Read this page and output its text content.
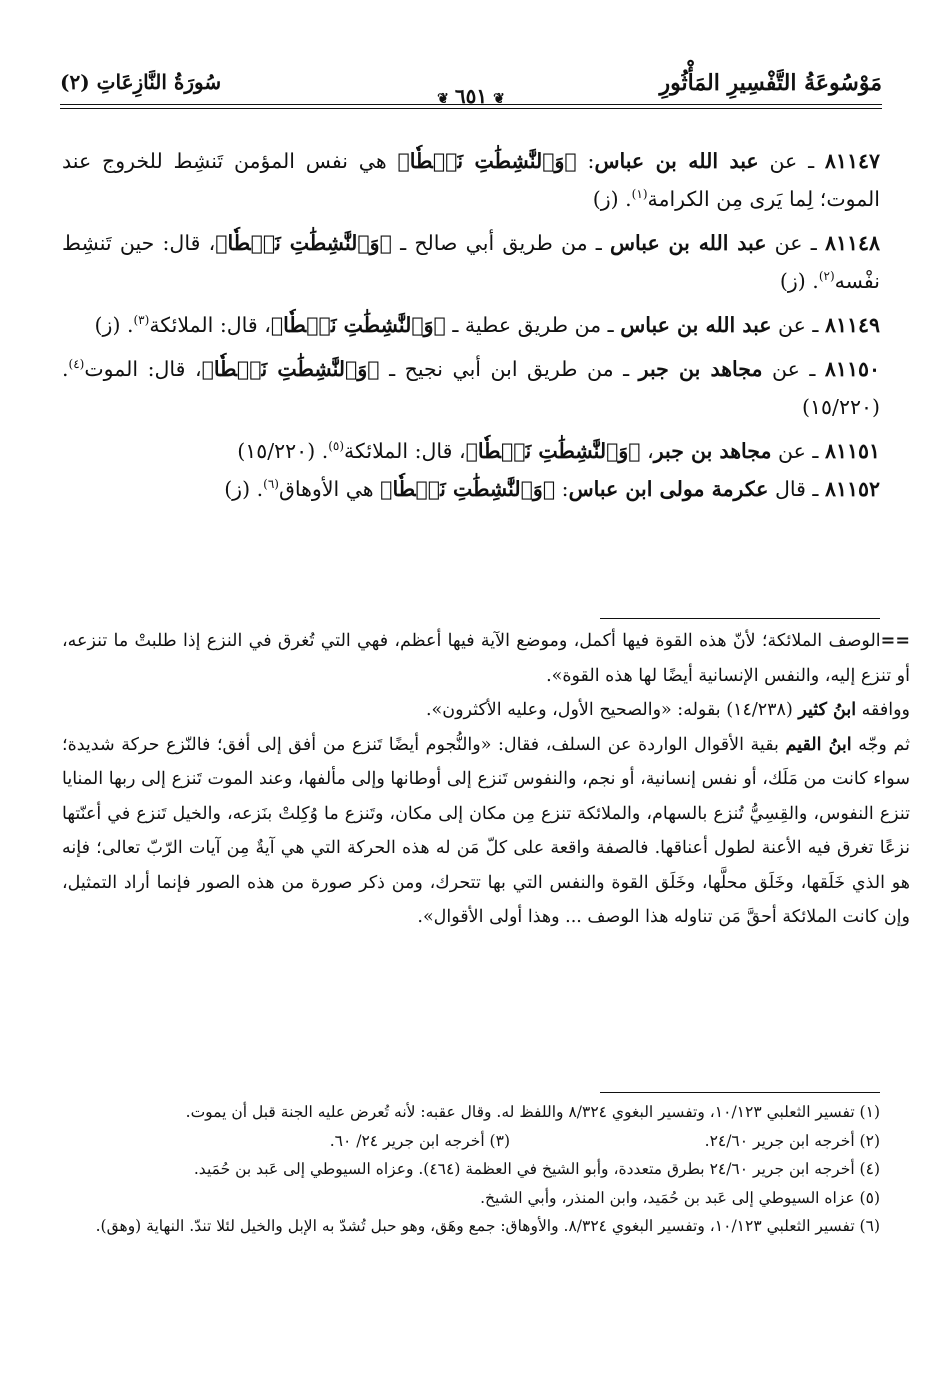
مَوْسُوعَةُ التَّفْسِيرِ المَأْثُورِ
❦٦٥١❦
سُورَةُ النَّازِعَاتِ (٢)

٨١١٤٧ ـ عن عبد الله بن عباس: ﴿وَٱلنَّٰشِطَٰتِ نَشۡطٗا﴾ هي نفس المؤمن تَنشِط للخروج عند الموت؛ لِما يَرى مِن الكرامة$^{(١)}$. (ز)

٨١١٤٨ ـ عن عبد الله بن عباس ـ من طريق أبي صالح ـ ﴿وَٱلنَّٰشِطَٰتِ نَشۡطٗا﴾، قال: حين تَنشِط نفْسه$^{(٢)}$. (ز)

٨١١٤٩ ـ عن عبد الله بن عباس ـ من طريق عطية ـ ﴿وَٱلنَّٰشِطَٰتِ نَشۡطٗا﴾، قال: الملائكة$^{(٣)}$. (ز)

٨١١٥٠ ـ عن مجاهد بن جبر ـ من طريق ابن أبي نجيح ـ ﴿وَٱلنَّٰشِطَٰتِ نَشۡطٗا﴾، قال: الموت$^{(٤)}$. (١٥/٢٢٠)

٨١١٥١ ـ عن مجاهد بن جبر، ﴿وَٱلنَّٰشِطَٰتِ نَشۡطٗا﴾، قال: الملائكة$^{(٥)}$. (١٥/٢٢٠)

٨١١٥٢ ـ قال عكرمة مولى ابن عباس: ﴿وَٱلنَّٰشِطَٰتِ نَشۡطٗا﴾ هي الأوهاق$^{(٦)}$. (ز)

==الوصف الملائكة؛ لأنّ هذه القوة فيها أكمل، وموضع الآية فيها أعظم، فهي التي تُغرق في النزع إذا طلبتْ ما تنزعه، أو تنزع إليه، والنفس الإنسانية أيضًا لها هذه القوة».

ووافقه ابنُ كثير (١٤/٢٣٨) بقوله: «والصحيح الأول، وعليه الأكثرون».

ثم وجّه ابنُ القيم بقية الأقوال الواردة عن السلف، فقال: «والنُّجوم أيضًا تَنزع من أفق إلى أفق؛ فالنّزع حركة شديدة؛ سواء كانت من مَلَك، أو نفس إنسانية، أو نجم، والنفوس تَنزع إلى أوطانها وإلى مألفها، وعند الموت تَنزع إلى ربها المنايا تنزع النفوس، والقِسِيُّ تُنزع بالسهام، والملائكة تنزع مِن مكان إلى مكان، وتَنزع ما وُكِلتْ بنَزعه، والخيل تَنزع في أعنّتها نزعًا تغرق فيه الأعنة لطول أعناقها. فالصفة واقعة على كلّ مَن له هذه الحركة التي هي آيةٌ مِن آيات الرّبّ تعالى؛ فإنه هو الذي خَلَقها، وخَلَق محلَّها، وخَلَق القوة والنفس التي بها تتحرك، ومن ذكر صورة من هذه الصور فإنما أراد التمثيل، وإن كانت الملائكة أحقَّ مَن تناوله هذا الوصف ... وهذا أولى الأقوال».

(١) تفسير الثعلبي ١٠/١٢٣، وتفسير البغوي ٨/٣٢٤ واللفظ له. وقال عقبه: لأنه تُعرض عليه الجنة قبل أن يموت.

(٢) أخرجه ابن جرير ٢٤/٦٠.
(٣) أخرجه ابن جرير ٢٤/ ٦٠.

(٤) أخرجه ابن جرير ٢٤/٦٠ بطرق متعددة، وأبو الشيخ في العظمة (٤٦٤). وعزاه السيوطي إلى عَبد بن حُمَيد.

(٥) عزاه السيوطي إلى عَبد بن حُمَيد، وابن المنذر، وأبي الشيخ.

(٦) تفسير الثعلبي ١٠/١٢٣، وتفسير البغوي ٨/٣٢٤. والأوهاق: جمع وهَق، وهو حبل تُشدّ به الإبل والخيل لئلا تندّ. النهاية (وهق).
